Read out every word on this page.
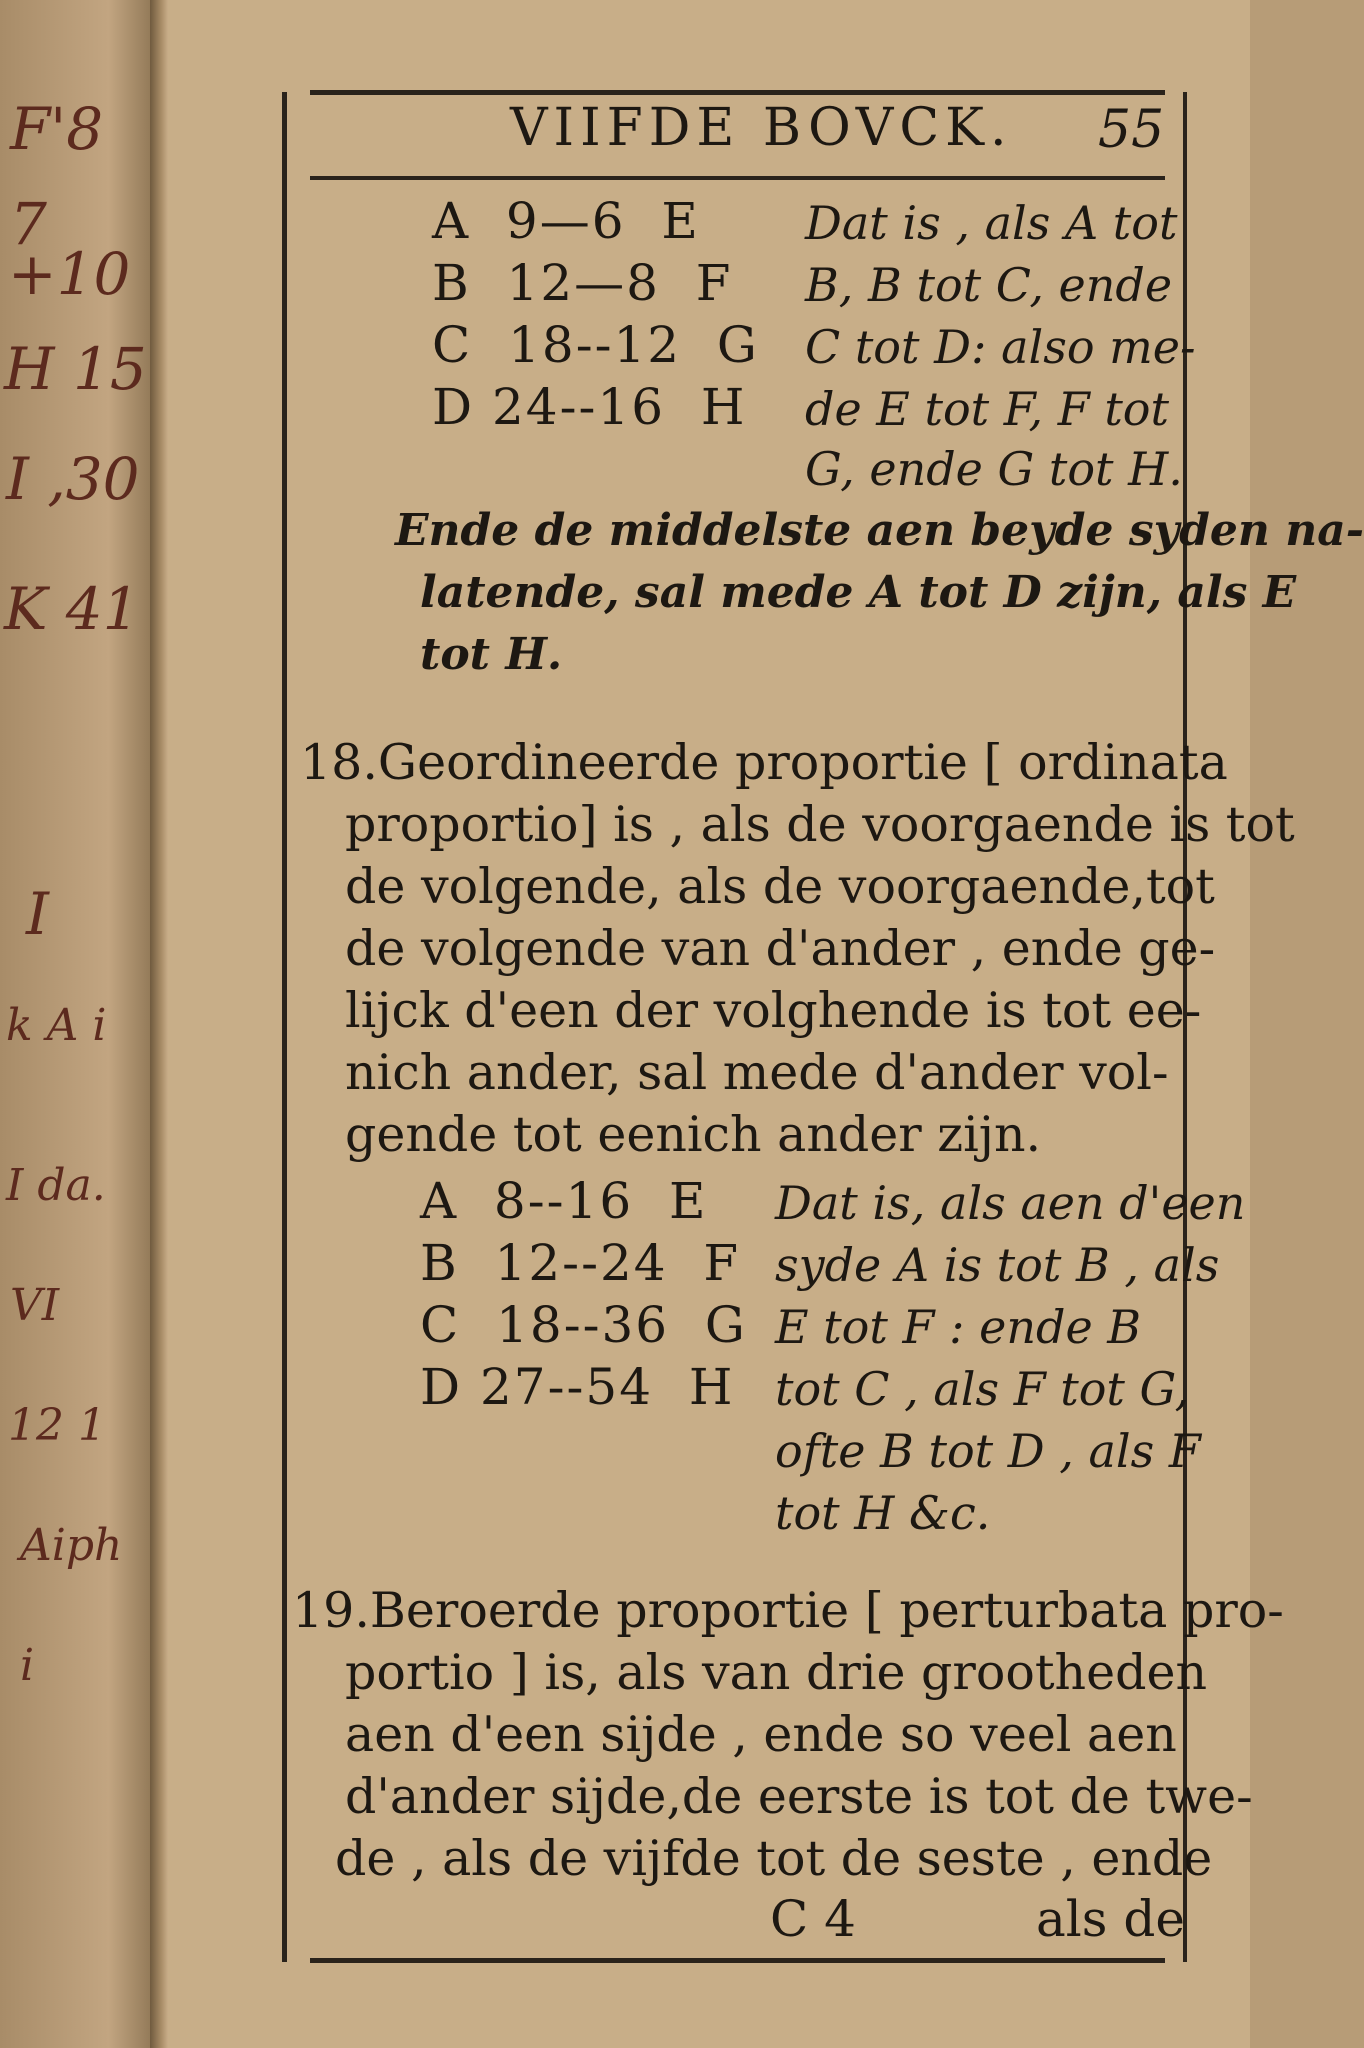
F'8
7
+10
H 15
I ,30
K 41
I
k A i
I da.
VI
12 1
Aiph
i
VIIFDE BOVCK. 55
A 9—6 E Dat is , als A tot
B 12—8 F B, B tot C, ende
C 18--12 G C tot D: also me-
D 24--16 H de E tot F, F tot
G, ende G tot H.
Ende de middelste aen beyde syden na-
latende, sal mede A tot D zijn, als E
tot H.
18.Geordineerde proportie [ ordinata
proportio] is , als de voorgaende is tot
de volgende, als de voorgaende,tot
de volgende van d'ander , ende ge-
lijck d'een der volghende is tot ee-
nich ander, sal mede d'ander vol-
gende tot eenich ander zijn.
A 8--16 E Dat is, als aen d'een
B 12--24 F syde A is tot B , als
C 18--36 G E tot F : ende B
D 27--54 H tot C , als F tot G,
ofte B tot D , als F
tot H &c.
19.Beroerde proportie [ perturbata pro-
portio ] is, als van drie grootheden
aen d'een sijde , ende so veel aen
d'ander sijde,de eerste is tot de twe-
de , als de vijfde tot de seste , ende
C 4	als de
